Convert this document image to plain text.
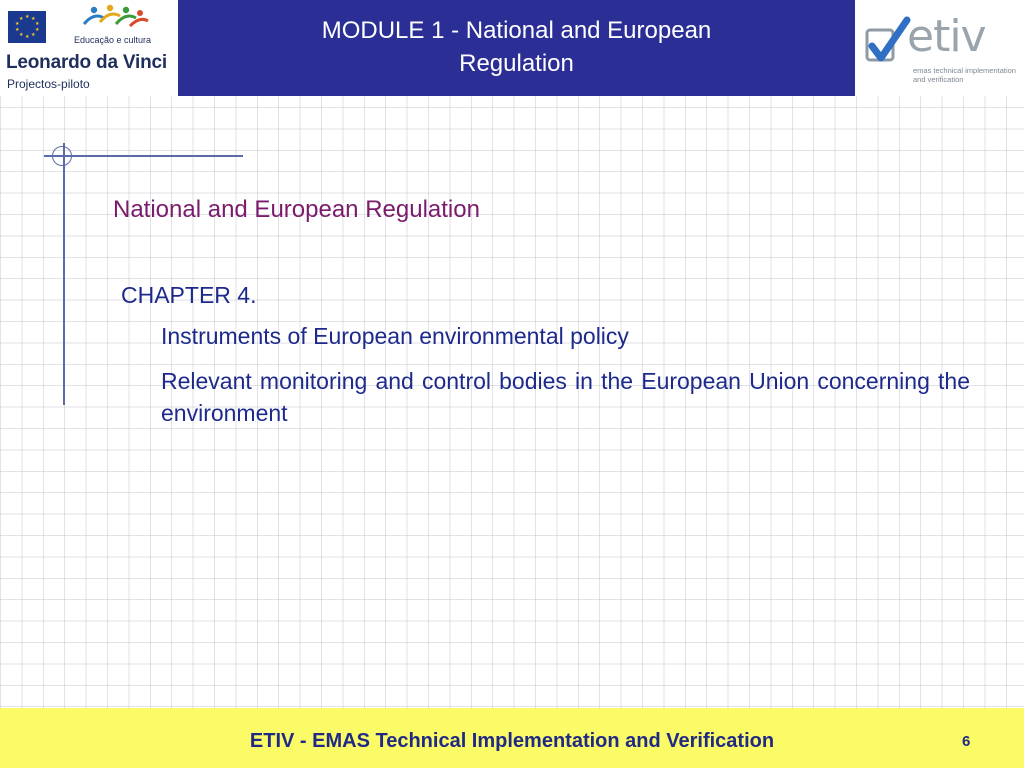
★ ★
★
★
★
★
★
★
★
★
Educação e cultura
Leonardo da Vinci
Projectos-piloto
MODULE 1 - National and European
Regulation
etiv
emas technical implementation
and verification
National and European Regulation
CHAPTER 4.
Instruments of European environmental policy
Relevant monitoring and control bodies in the European Union concerning the environment
ETIV - EMAS Technical Implementation and Verification	6
